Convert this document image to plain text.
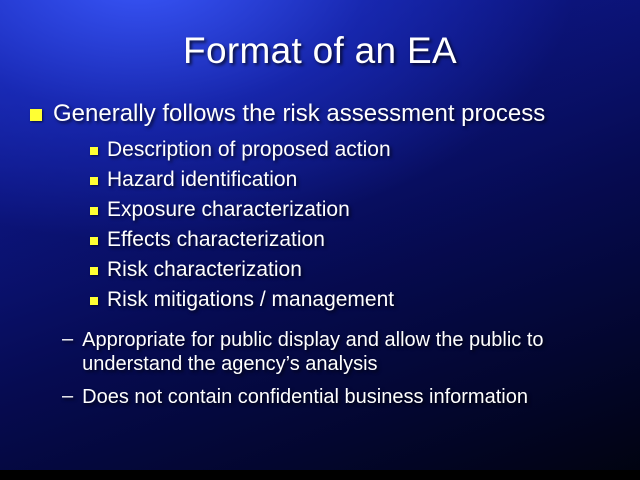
Format of an EA
Generally follows the risk assessment process
Description of proposed action
Hazard identification
Exposure characterization
Effects characterization
Risk characterization
Risk mitigations / management
– Appropriate for public display and allow the public to understand the agency’s analysis
– Does not contain confidential business information
